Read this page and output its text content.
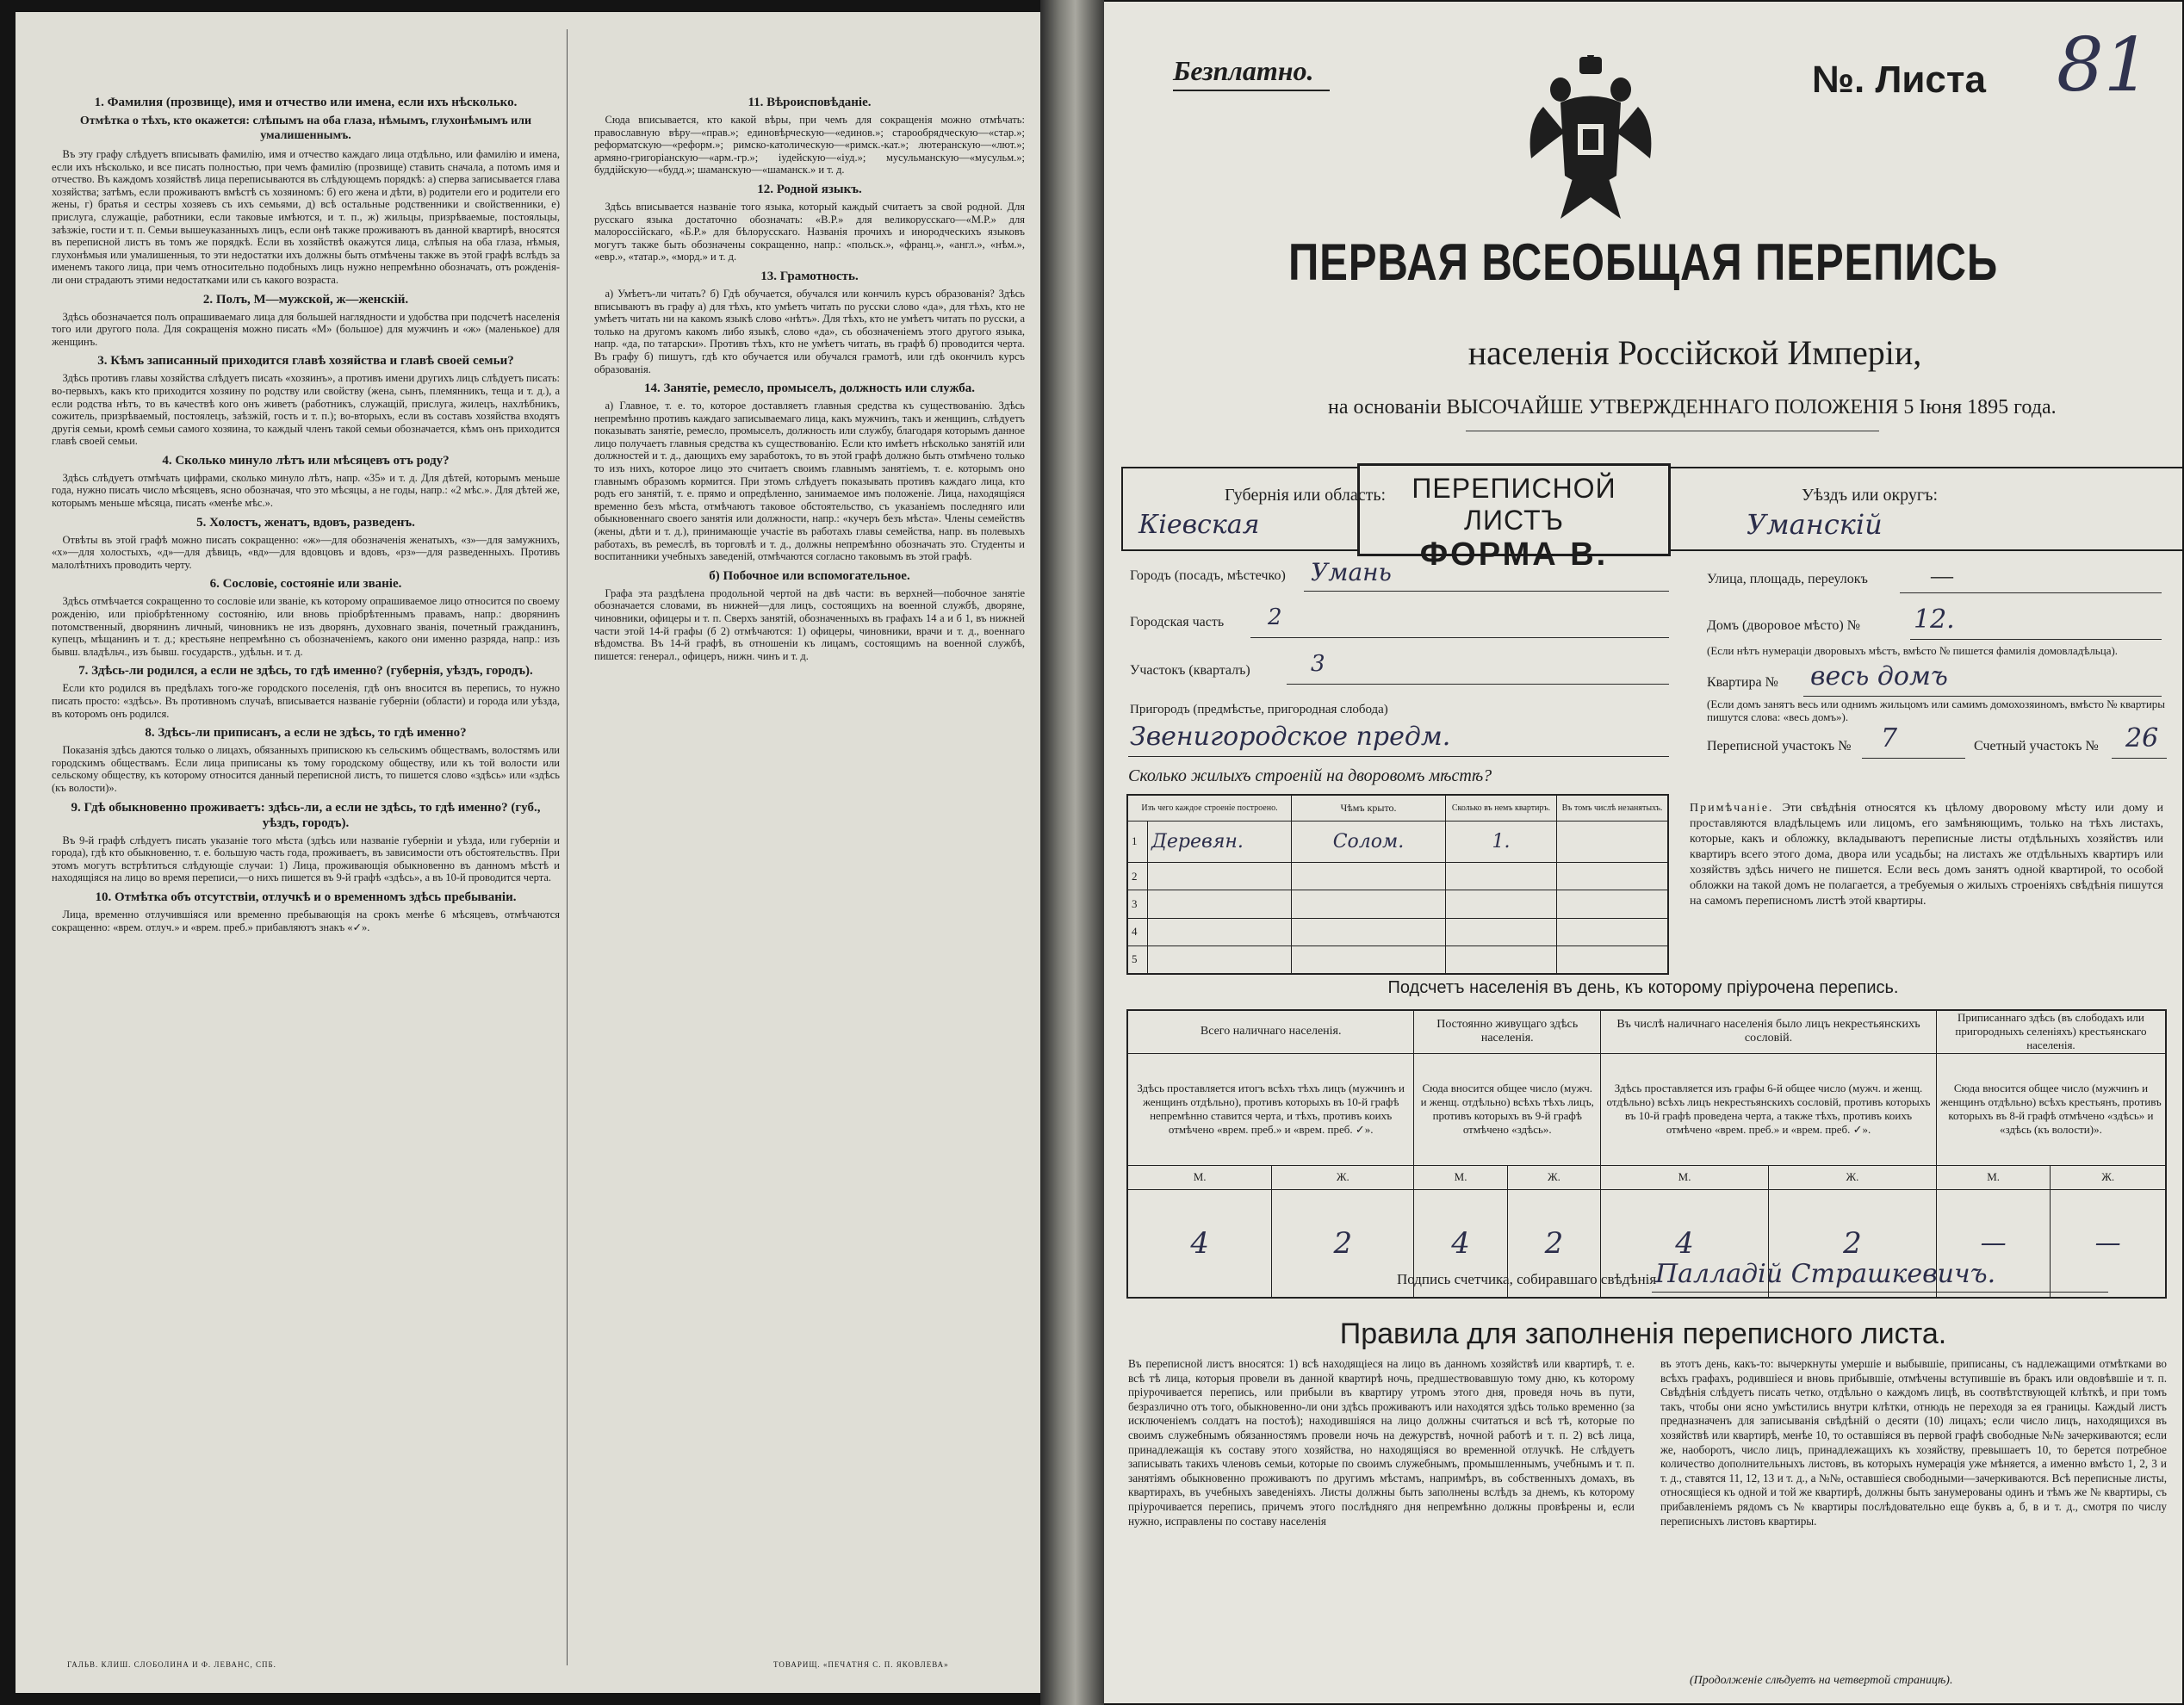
1. Фамилия (прозвище), имя и отчество или имена, если ихъ нѣсколько.
Отмѣтка о тѣхъ, кто окажется: слѣпымъ на оба глаза, нѣмымъ, глухонѣмымъ или умалишеннымъ.

 Въ эту графу слѣдуетъ вписывать фамилію, имя и отчество каждаго лица отдѣльно, или фамилію и имена, если ихъ нѣсколько, и все писать полностью, при чемъ фамилію (прозвище) ставить сначала, а потомъ имя и отчество. Въ каждомъ хозяйствѣ лица переписываются въ слѣдующемъ порядкѣ: а) сперва записывается глава хозяйства; затѣмъ, если проживаютъ вмѣстѣ съ хозяиномъ: б) его жена и дѣти, в) родители его и родители его жены, г) братья и сестры хозяевъ съ ихъ семьями, д) всѣ остальные родственники и свойственники, е) прислуга, служащіе, работники, если таковые имѣются, и т. п., ж) жильцы, призрѣваемые, постояльцы, заѣзжіе, гости и т. п. Семьи вышеуказанныхъ лицъ, если онѣ также проживаютъ въ данной квартирѣ, вносятся въ переписной листъ въ томъ же порядкѣ. Если въ хозяйствѣ окажутся лица, слѣпыя на оба глаза, нѣмыя, глухонѣмыя или умалишенныя, то эти недостатки ихъ должны быть отмѣчены также въ этой графѣ вслѣдъ за именемъ такого лица, при чемъ относительно подобныхъ лицъ нужно непремѣнно обозначать, отъ рожденія-ли они страдаютъ этими недостатками или съ какого возраста.

2. Полъ, М—мужской, ж—женскій.

 Здѣсь обозначается полъ опрашиваемаго лица для большей наглядности и удобства при подсчетѣ населенія того или другого пола. Для сокращенія можно писать «М» (большое) для мужчинъ и «ж» (маленькое) для женщинъ.

3. Кѣмъ записанный приходится главѣ хозяйства и главѣ своей семьи?

 Здѣсь противъ главы хозяйства слѣдуетъ писать «хозяинъ», а противъ имени другихъ лицъ слѣдуетъ писать: во-первыхъ, какъ кто приходится хозяину по родству или свойству (жена, сынъ, племянникъ, теща и т. д.), а если родства нѣтъ, то въ качествѣ кого онъ живетъ (работникъ, служащій, прислуга, жилецъ, нахлѣбникъ, сожитель, призрѣваемый, постоялецъ, заѣзжій, гость и т. п.); во-вторыхъ, если въ составъ хозяйства входятъ другія семьи, кромѣ семьи самого хозяина, то каждый членъ такой семьи обозначается, кѣмъ онъ приходится главѣ своей семьи.

4. Сколько минуло лѣтъ или мѣсяцевъ отъ роду?

 Здѣсь слѣдуетъ отмѣчать цифрами, сколько минуло лѣтъ, напр. «35» и т. д. Для дѣтей, которымъ меньше года, нужно писать число мѣсяцевъ, ясно обозначая, что это мѣсяцы, а не годы, напр.: «2 мѣс.». Для дѣтей же, которымъ меньше мѣсяца, писать «менѣе мѣс.».

5. Холостъ, женатъ, вдовъ, разведенъ.

 Отвѣты въ этой графѣ можно писать сокращенно: «ж»—для обозначенія женатыхъ, «з»—для замужнихъ, «х»—для холостыхъ, «д»—для дѣвицъ, «вд»—для вдовцовъ и вдовъ, «рз»—для разведенныхъ. Противъ малолѣтнихъ проводить черту.

6. Сословіе, состояніе или званіе.

 Здѣсь отмѣчается сокращенно то сословіе или званіе, къ которому опрашиваемое лицо относится по своему рожденію, или пріобрѣтенному состоянію, или вновь пріобрѣтеннымъ правамъ, напр.: дворянинъ потомственный, дворянинъ личный, чиновникъ не изъ дворянъ, духовнаго званія, почетный гражданинъ, купецъ, мѣщанинъ и т. д.; крестьяне непремѣнно съ обозначеніемъ, какого они именно разряда, напр.: изъ бывш. владѣльч., изъ бывш. государств., удѣльн. и т. д.

7. Здѣсь-ли родился, а если не здѣсь, то гдѣ именно? (губернія, уѣздъ, городъ).

 Если кто родился въ предѣлахъ того-же городского поселенія, гдѣ онъ вносится въ перепись, то нужно писать просто: «здѣсь». Въ противномъ случаѣ, вписывается названіе губерніи (области) и города или уѣзда, въ которомъ онъ родился.

8. Здѣсь-ли приписанъ, а если не здѣсь, то гдѣ именно?

 Показанія здѣсь даются только о лицахъ, обязанныхъ припискою къ сельскимъ обществамъ, волостямъ или городскимъ обществамъ. Если лица приписаны къ тому городскому обществу, или къ той волости или сельскому обществу, къ которому относится данный переписной листъ, то пишется слово «здѣсь» или «здѣсь (къ волости)».

9. Гдѣ обыкновенно проживаетъ: здѣсь-ли, а если не здѣсь, то гдѣ именно? (губ., уѣздъ, городъ).

 Въ 9-й графѣ слѣдуетъ писать указаніе того мѣста (здѣсь или названіе губерніи и уѣзда, или губерніи и города), гдѣ кто обыкновенно, т. е. большую часть года, проживаетъ, въ зависимости отъ обстоятельствъ. При этомъ могутъ встрѣтиться слѣдующіе случаи: 1) Лица, проживающія обыкновенно въ данномъ мѣстѣ и находящіяся на лицо во время переписи,—о нихъ пишется въ 9-й графѣ «здѣсь», а въ 10-й проводится черта.

10. Отмѣтка объ отсутствіи, отлучкѣ и о временномъ здѣсь пребываніи.

 Лица, временно отлучившіяся или временно пребывающія на срокъ менѣе 6 мѣсяцевъ, отмѣчаются сокращенно: «врем. отлуч.» и «врем. преб.» прибавляютъ знакъ «✓».

11. Вѣроисповѣданіе.

 Сюда вписывается, кто какой вѣры, при чемъ для сокращенія можно отмѣчать: православную вѣру—«прав.»; единовѣрческую—«единов.»; старообрядческую—«стар.»; реформатскую—«реформ.»; римско-католическую—«римск.-кат.»; лютеранскую—«лют.»; армяно-григоріанскую—«арм.-гр.»; іудейскую—«іуд.»; мусульманскую—«мусульм.»; буддійскую—«будд.»; шаманскую—«шаманск.» и т. д.

12. Родной языкъ.

 Здѣсь вписывается названіе того языка, который каждый считаетъ за свой родной. Для русскаго языка достаточно обозначать: «В.Р.» для великорусскаго—«М.Р.» для малороссійскаго, «Б.Р.» для бѣлорусскаго. Названія прочихъ и инородческихъ языковъ могутъ также быть обозначены сокращенно, напр.: «польск.», «франц.», «англ.», «нѣм.», «евр.», «татар.», «морд.» и т. д.

13. Грамотность.

 а) Умѣетъ-ли читать? б) Гдѣ обучается, обучался или кончилъ курсъ образованія? Здѣсь вписываютъ въ графу а) для тѣхъ, кто умѣетъ читать по русски слово «да», для тѣхъ, кто не умѣетъ читать ни на какомъ языкѣ слово «нѣтъ». Для тѣхъ, кто не умѣетъ читать по русски, а только на другомъ какомъ либо языкѣ, слово «да», съ обозначеніемъ этого другого языка, напр. «да, по татарски». Противъ тѣхъ, кто не умѣетъ читать, въ графѣ б) проводится черта. Въ графу б) пишутъ, гдѣ кто обучается или обучался грамотѣ, или гдѣ окончилъ курсъ образованія.

14. Занятіе, ремесло, промыселъ, должность или служба.

 а) Главное, т. е. то, которое доставляетъ главныя средства къ существованію. Здѣсь непремѣнно противъ каждаго записываемаго лица, какъ мужчинъ, такъ и женщинъ, слѣдуетъ показывать занятіе, ремесло, промыселъ, должность или службу, благодаря которымъ данное лицо получаетъ главныя средства къ существованію. Если кто имѣетъ нѣсколько занятій или должностей и т. д., дающихъ ему заработокъ, то въ этой графѣ должно быть отмѣчено только то изъ нихъ, которое лицо это считаетъ своимъ главнымъ занятіемъ, т. е. которымъ оно главнымъ образомъ кормится. При этомъ слѣдуетъ показывать противъ каждаго лица, кто родъ его занятій, т. е. прямо и опредѣленно, занимаемое имъ положеніе. Лица, находящіяся временно безъ мѣста, отмѣчаютъ таковое обстоятельство, съ указаніемъ последняго или обыкновеннаго своего занятія или должности, напр.: «кучеръ безъ мѣста». Члены семействъ (жены, дѣти и т. д.), принимающіе участіе въ работахъ главы семейства, напр. въ полевыхъ работахъ, въ ремеслѣ, въ торговлѣ и т. д., должны непремѣнно обозначать это. Студенты и воспитанники учебныхъ заведеній, отмѣчаются согласно таковымъ въ этой графѣ.

б) Побочное или вспомогательное.

 Графа эта раздѣлена продольной чертой на двѣ части: въ верхней—побочное занятіе обозначается словами, въ нижней—для лицъ, состоящихъ на военной службѣ, дворяне, чиновники, офицеры и т. п. Сверхъ занятій, обозначенныхъ въ графахъ 14 а и б 1, въ нижней части этой 14-й графы (б 2) отмѣчаются: 1) офицеры, чиновники, врачи и т. д., военнаго вѣдомства. Въ 14-й графѣ, въ отношеніи къ лицамъ, состоящимъ на военной службѣ, пишется: генерал., офицеръ, нижн. чинъ и т. д.

ГАЛЬВ. КЛИШ. СЛОБОЛИНА И Ф. ЛЕВАНС, СПБ.	ТОВАРИЩ. «ПЕЧАТНЯ С. П. ЯКОВЛЕВА»
Безплатно.	№. Листа 81
ПЕРВАЯ ВСЕОБЩАЯ ПЕРЕПИСЬ
населенія Россійской Имперіи,
на основаніи ВЫСОЧАЙШЕ УТВЕРЖДЕННАГО ПОЛОЖЕНІЯ 5 Іюня 1895 года.
ПЕРЕПИСНОЙ ЛИСТЪ
ФОРМА В.
Губернія или область:
Кіевская
Уѣздъ или округъ:
Уманскій
Городъ (посадъ, мѣстечко) Умань	Улица, площадь, переулокъ	—
Городская часть 2	Домъ (дворовое мѣсто) № 12.
(Если нѣтъ нумераціи дворовыхъ мѣстъ, вмѣсто № пишется фамилія домовладѣльца).
Участокъ (кварталъ)	3
Квартира № весь домъ
(Если домъ занятъ весь или однимъ жильцомъ или самимъ домохозяиномъ, вмѣсто № квартиры пишутся слова: «весь домъ»).
Пригородъ (предмѣстье, пригородная слобода)
Звенигородское предм.	Переписной участокъ № 7	Счетный участокъ № 26
Сколько жилыхъ строеній на дворовомъ мѣстѣ?
Изъ чего каждое строеніе построено.		Чѣмъ крыто.	Сколько въ немъ квартиръ.	Въ томъ числѣ незанятыхъ.
1	Деревян.	Солом.	1.	
2				
3				
4				
5				
Примѣчаніе. Эти свѣдѣнія относятся къ цѣлому дворовому мѣсту или дому и проставляются владѣльцемъ или лицомъ, его замѣняющимъ, только на тѣхъ листахъ, которые, какъ и обложку, вкладываютъ переписные листы отдѣльныхъ хозяйствъ или квартиръ всего этого дома, двора или усадьбы; на листахъ же отдѣльныхъ квартиръ или хозяйствъ здѣсь ничего не пишется. Если весь домъ занятъ одной квартирой, то особой обложки на такой домъ не полагается, а требуемыя о жилыхъ строеніяхъ свѣдѣнія пишутся на самомъ переписномъ листѣ этой квартиры.
Подсчетъ населенія въ день, къ которому пріурочена перепись.
Всего наличнаго населенія.		Постоянно живущаго здѣсь населенія.		Въ числѣ наличнаго населенія было лицъ некрестьянскихъ сословій.		Приписаннаго здѣсь (въ слободахъ или пригородныхъ селеніяхъ) крестьянскаго населенія.	
Здѣсь проставляется итогъ всѣхъ тѣхъ лицъ (мужчинъ и женщинъ отдѣльно), противъ которыхъ въ 10-й графѣ непремѣнно ставится черта, и тѣхъ, противъ коихъ отмѣчено «врем. преб.» и «врем. преб. ✓».		Сюда вносится общее число (мужч. и женщ. отдѣльно) всѣхъ тѣхъ лицъ, противъ которыхъ въ 9-й графѣ отмѣчено «здѣсь».		Здѣсь проставляется изъ графы 6-й общее число (мужч. и женщ. отдѣльно) всѣхъ лицъ некрестьянскихъ сословій, противъ которыхъ въ 10-й графѣ проведена черта, а также тѣхъ, противъ коихъ отмѣчено «врем. преб.» и «врем. преб. ✓».		Сюда вносится общее число (мужчинъ и женщинъ отдѣльно) всѣхъ крестьянъ, противъ которыхъ въ 8-й графѣ отмѣчено «здѣсь» и «здѣсь (къ волости)».	
М.	Ж.	М.	Ж.	М.	Ж.	М.	Ж.
4	2	4	2	4	2	—	—
Подпись счетчика, собиравшаго свѣдѣнія
Палладій Страшкевичъ.
Правила для заполненія переписного листа.
Въ переписной листъ вносятся: 1) всѣ находящіеся на лицо въ данномъ хозяйствѣ или квартирѣ, т. е. всѣ тѣ лица, которыя провели въ данной квартирѣ ночь, предшествовавшую тому дню, къ которому пріурочивается перепись, или прибыли въ квартиру утромъ этого дня, проведя ночь въ пути, безразлично отъ того, обыкновенно-ли они здѣсь проживаютъ или находятся здѣсь только временно (за исключеніемъ солдатъ на постоѣ); находившіяся на лицо должны считаться и всѣ тѣ, которые по своимъ служебнымъ обязанностямъ провели ночь на дежурствѣ, ночной работѣ и т. п. 2) всѣ лица, принадлежащія къ составу этого хозяйства, но находящіяся во временной отлучкѣ. Не слѣдуетъ записывать такихъ членовъ семьи, которые по своимъ служебнымъ, промышленнымъ, учебнымъ и т. п. занятіямъ обыкновенно проживаютъ по другимъ мѣстамъ, напримѣръ, въ собственныхъ домахъ, въ квартирахъ, въ учебныхъ заведеніяхъ. Листы должны быть заполнены вслѣдъ за днемъ, къ которому пріурочивается перепись, причемъ этого послѣдняго дня непремѣнно должны провѣрены и, если нужно, исправлены по составу населенія
въ этотъ день, какъ-то: вычеркнуты умершіе и выбывшіе, приписаны, съ надлежащими отмѣтками во всѣхъ графахъ, родившіеся и вновь прибывшіе, отмѣчены вступившіе въ бракъ или овдовѣвшіе и т. п. Свѣдѣнія слѣдуетъ писать четко, отдѣльно о каждомъ лицѣ, въ соотвѣтствующей клѣткѣ, и при томъ такъ, чтобы они ясно умѣстились внутри клѣтки, отнюдь не переходя за ея границы. Каждый листъ предназначенъ для записыванія свѣдѣній о десяти (10) лицахъ; если число лицъ, находящихся въ хозяйствѣ или квартирѣ, менѣе 10, то оставшіяся въ первой графѣ свободные №№ зачеркиваются; если же, наоборотъ, число лицъ, принадлежащихъ къ хозяйству, превышаетъ 10, то берется потребное количество дополнительныхъ листовъ, въ которыхъ нумерація уже мѣняется, а именно вмѣсто 1, 2, 3 и т. д., ставятся 11, 12, 13 и т. д., а №№, оставшіеся свободными—зачеркиваются. Всѣ переписные листы, относящіеся къ одной и той же квартирѣ, должны быть занумерованы одинъ и тѣмъ же № квартиры, съ прибавленіемъ рядомъ съ № квартиры послѣдовательно еще буквъ а, б, в и т. д., смотря по числу переписныхъ листовъ квартиры.
(Продолженіе слѣдуетъ на четвертой страницѣ).
